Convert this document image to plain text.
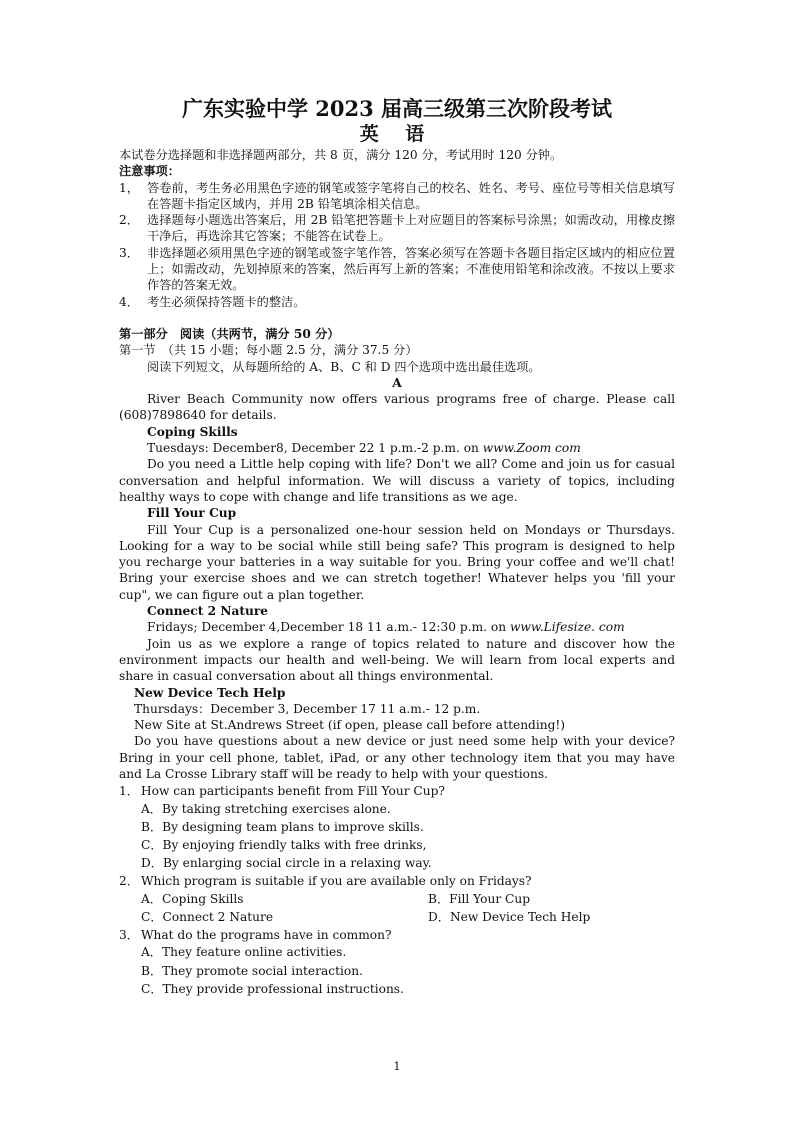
广东实验中学 2023 届高三级第三次阶段考试

英 语

本试卷分选择题和非选择题两部分，共 8 页，满分 120 分，考试用时 120 分钟。

注意事项：

1， 答卷前，考生务必用黑色字迹的钢笔或签字笔将自己的校名、姓名、考号、座位号等相关信息填写在答题卡指定区域内，并用 2B 铅笔填涂相关信息。
2． 选择题每小题选出答案后，用 2B 铅笔把答题卡上对应题目的答案标号涂黑；如需改动，用橡皮擦干净后，再选涂其它答案；不能答在试卷上。
3． 非选择题必须用黑色字迹的钢笔或签字笔作答，答案必须写在答题卡各题目指定区域内的相应位置上；如需改动，先划掉原来的答案，然后再写上新的答案；不准使用铅笔和涂改液。不按以上要求作答的答案无效。
4． 考生必须保持答题卡的整洁。

第一部分　阅读（共两节，满分 50 分）

第一节　（共 15 小题；每小题 2.5 分，满分 37.5 分）

阅读下列短文，从每题所给的 A、B、C 和 D 四个选项中选出最佳选项。

A

River Beach Community now offers various programs free of charge. Please call (608)7898640 for details.

Coping Skills

Tuesdays: December8, December 22 1 p.m.-2 p.m. on www.Zoom com

Do you need a Little help coping with life? Don't we all? Come and join us for casual conversation and helpful information. We will discuss a variety of topics, including healthy ways to cope with change and life transitions as we age.

Fill Your Cup

Fill Your Cup is a personalized one-hour session held on Mondays or Thursdays. Looking for a way to be social while still being safe? This program is designed to help you recharge your batteries in a way suitable for you. Bring your coffee and we'll chat! Bring your exercise shoes and we can stretch together! Whatever helps you 'fill your cup", we can figure out a plan together.

Connect 2 Nature

Fridays; December 4,December 18 11 a.m.- 12:30 p.m. on www.Lifesize. com

Join us as we explore a range of topics related to nature and discover how the environment impacts our health and well-being. We will learn from local experts and share in casual conversation about all things environmental.

New Device Tech Help

Thursdays：December 3, December 17 11 a.m.- 12 p.m.

New Site at St.Andrews Street (if open, please call before attending!)

Do you have questions about a new device or just need some help with your device? Bring in your cell phone, tablet, iPad, or any other technology item that you may have and La Crosse Library staff will be ready to help with your questions.

1． How can participants benefit from Fill Your Cup?

A．By taking stretching exercises alone.

B．By designing team plans to improve skills.

C．By enjoying friendly talks with free drinks,

D．By enlarging social circle in a relaxing way.

2． Which program is suitable if you are available only on Fridays?
A．Coping Skills	B．Fill Your Cup
C．Connect 2 Nature	D．New Device Tech Help
3． What do the programs have in common?

A．They feature online activities.

B．They promote social interaction.

C．They provide professional instructions.

1
